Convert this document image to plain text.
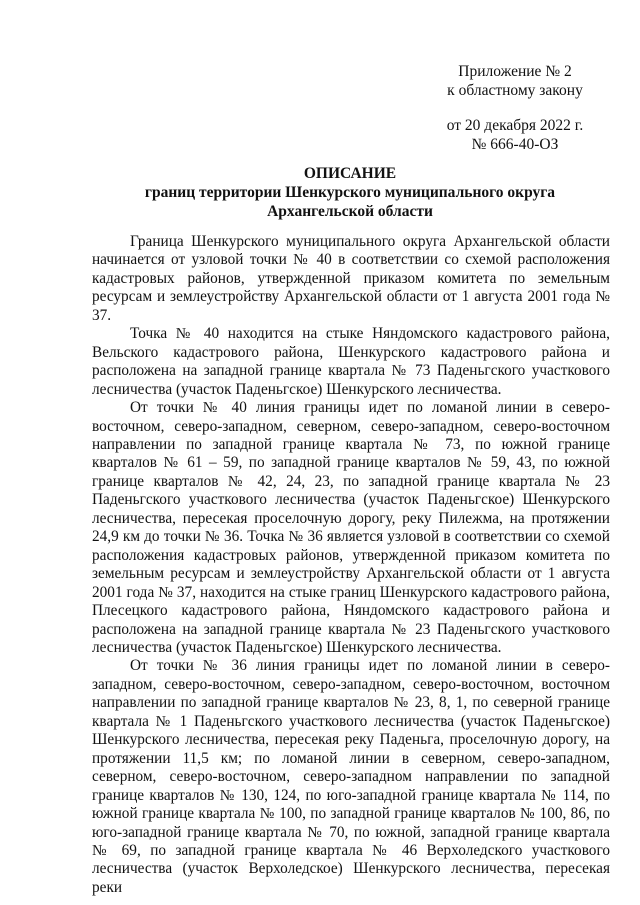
Приложение № 2
к областному закону
от 20 декабря 2022 г.
№ 666-40-ОЗ
ОПИСАНИЕ
границ территории Шенкурского муниципального округа
Архангельской области

Граница Шенкурского муниципального округа Архангельской области начинается от узловой точки № 40 в соответствии со схемой расположения кадастровых районов, утвержденной приказом комитета по земельным ресурсам и землеустройству Архангельской области от 1 августа 2001 года № 37.

Точка № 40 находится на стыке Няндомского кадастрового района, Вельского кадастрового района, Шенкурского кадастрового района и расположена на западной границе квартала № 73 Паденьгского участкового лесничества (участок Паденьгское) Шенкурского лесничества.

От точки № 40 линия границы идет по ломаной линии в северо-восточном, северо-западном, северном, северо-западном, северо-восточном направлении по западной границе квартала № 73, по южной границе кварталов № 61 – 59, по западной границе кварталов № 59, 43, по южной границе кварталов № 42, 24, 23, по западной границе квартала № 23 Паденьгского участкового лесничества (участок Паденьгское) Шенкурского лесничества, пересекая проселочную дорогу, реку Пилежма, на протяжении 24,9 км до точки № 36. Точка № 36 является узловой в соответствии со схемой расположения кадастровых районов, утвержденной приказом комитета по земельным ресурсам и землеустройству Архангельской области от 1 августа 2001 года № 37, находится на стыке границ Шенкурского кадастрового района, Плесецкого кадастрового района, Няндомского кадастрового района и расположена на западной границе квартала № 23 Паденьгского участкового лесничества (участок Паденьгское) Шенкурского лесничества.

От точки № 36 линия границы идет по ломаной линии в северо-западном, северо-восточном, северо-западном, северо-восточном, восточном направлении по западной границе кварталов № 23, 8, 1, по северной границе квартала № 1 Паденьгского участкового лесничества (участок Паденьгское) Шенкурского лесничества, пересекая реку Паденьга, проселочную дорогу, на протяжении 11,5 км; по ломаной линии в северном, северо-западном, северном, северо-восточном, северо-западном направлении по западной границе кварталов № 130, 124, по юго-западной границе квартала № 114, по южной границе квартала № 100, по западной границе кварталов № 100, 86, по юго-западной границе квартала № 70, по южной, западной границе квартала № 69, по западной границе квартала № 46 Верхоледского участкового лесничества (участок Верхоледское) Шенкурского лесничества, пересекая реки
